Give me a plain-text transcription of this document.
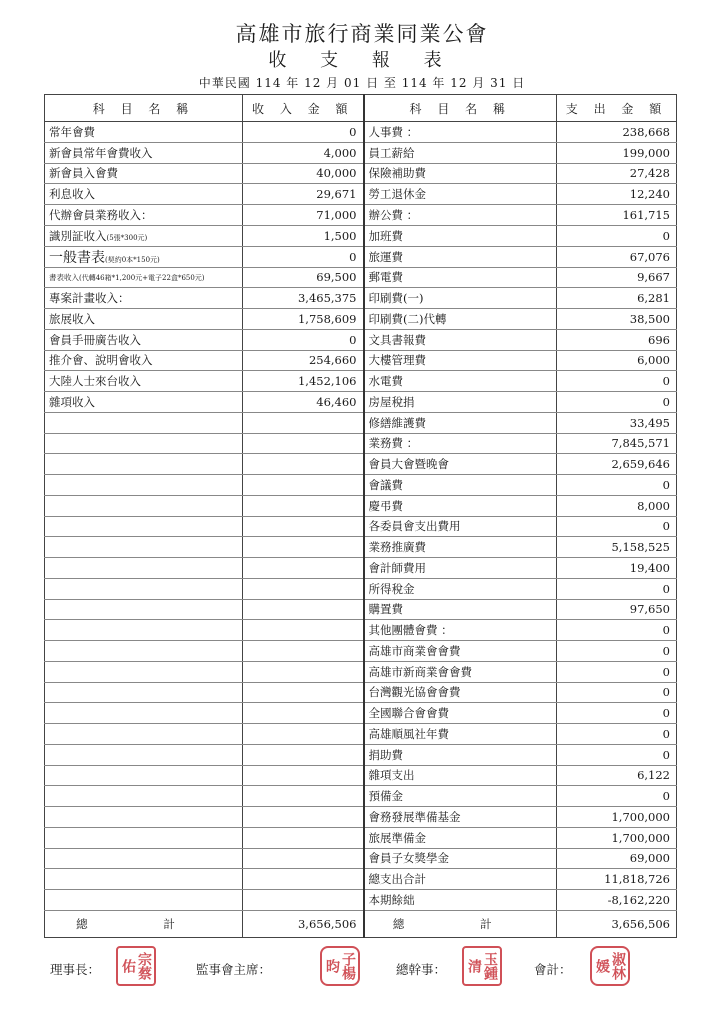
高雄市旅行商業同業公會
收 支 報 表
中華民國 114 年 12 月 01 日 至 114 年 12 月 31 日
科 目 名 稱	收 入 金 額	科 目 名 稱	支 出 金 額
常年會費	0	人事費 ：	238,668
新會員常年會費收入	4,000	員工薪給	199,000
新會員入會費	40,000	保險補助費	27,428
利息收入	29,671	勞工退休金	12,240
代辦會員業務收入：	71,000	辦公費 ：	161,715
識別証收入(5張*300元)	1,500	加班費	0
一般書表(契約0本*150元)	0	旅運費	67,076
書表收入(代轉46箱*1,200元+電子22盒*650元)	69,500	郵電費	9,667
專案計畫收入：	3,465,375	印刷費(一)	6,281
旅展收入	1,758,609	印刷費(二)代轉	38,500
會員手冊廣告收入	0	文具書報費	696
推介會、說明會收入	254,660	大樓管理費	6,000
大陸人士來台收入	1,452,106	水電費	0
雜項收入	46,460	房屋稅捐	0
		修繕維護費	33,495
		業務費 ：	7,845,571
		會員大會暨晚會	2,659,646
		會議費	0
		慶弔費	8,000
		各委員會支出費用	0
		業務推廣費	5,158,525
		會計師費用	19,400
		所得稅金	0
		購置費	97,650
		其他團體會費 ：	0
		高雄市商業會會費	0
		高雄市新商業會會費	0
		台灣觀光協會會費	0
		全國聯合會會費	0
		高雄順風社年費	0
		捐助費	0
		雜項支出	6,122
		預備金	0
		會務發展準備基金	1,700,000
		旅展準備金	1,700,000
		會員子女獎學金	69,000
		總支出合計	11,818,726
		本期餘絀	-8,162,220
總 計	3,656,506	總 計	3,656,506
理事長：	宗蔡佑	監事會主席：	子楊昀	總幹事：	玉鍾清	會計：	淑林媛
